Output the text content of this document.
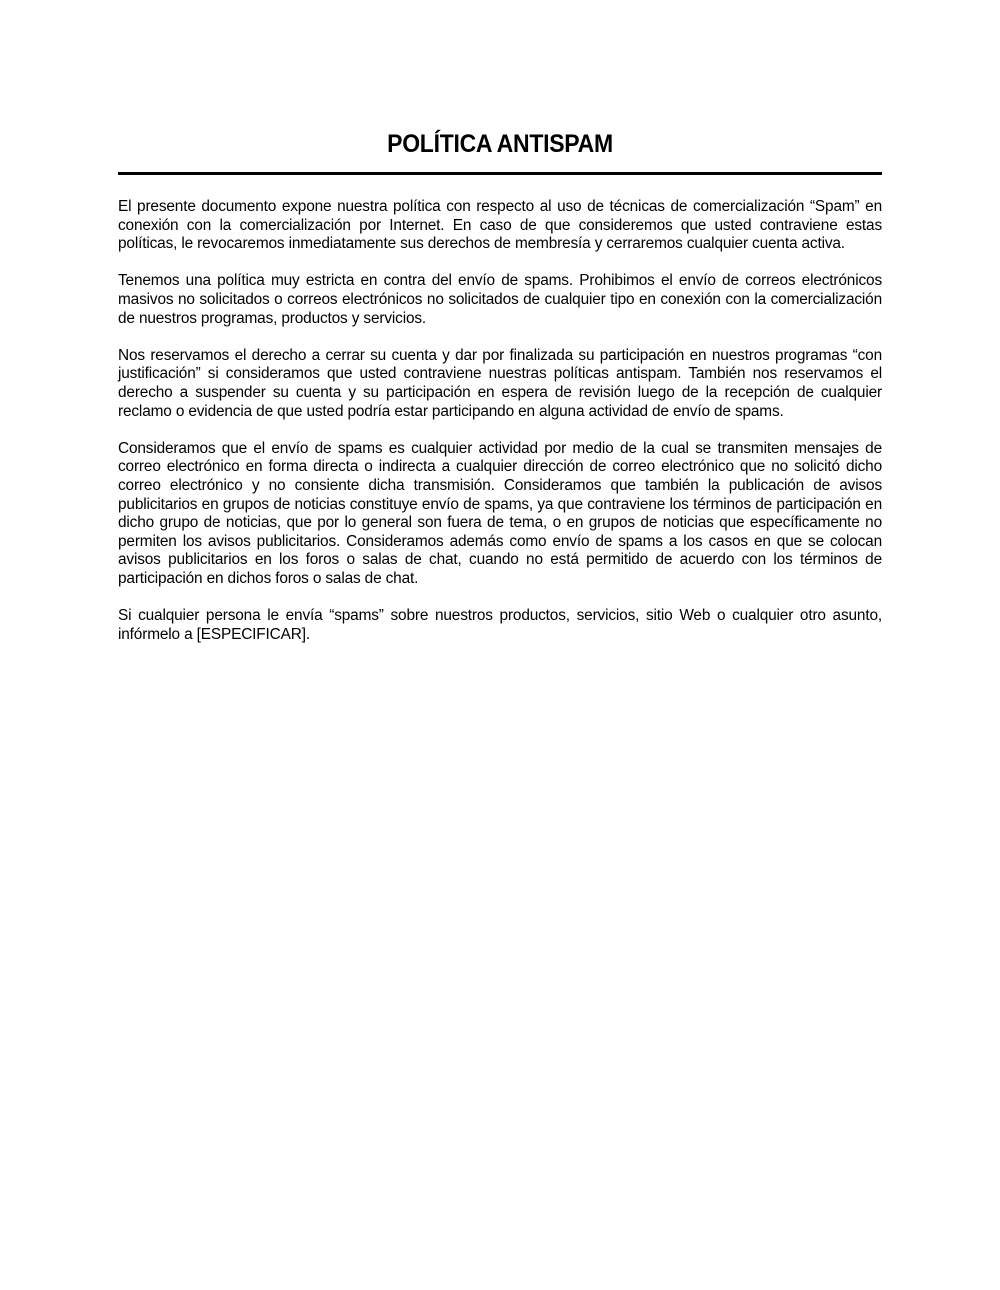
POLÍTICA ANTISPAM

El presente documento expone nuestra política con respecto al uso de técnicas de comercialización “Spam” en conexión con la comercialización por Internet. En caso de que consideremos que usted contraviene estas políticas, le revocaremos inmediatamente sus derechos de membresía y cerraremos cualquier cuenta activa.

Tenemos una política muy estricta en contra del envío de spams. Prohibimos el envío de correos electrónicos masivos no solicitados o correos electrónicos no solicitados de cualquier tipo en conexión con la comercialización de nuestros programas, productos y servicios.

Nos reservamos el derecho a cerrar su cuenta y dar por finalizada su participación en nuestros programas “con justificación” si consideramos que usted contraviene nuestras políticas antispam. También nos reservamos el derecho a suspender su cuenta y su participación en espera de revisión luego de la recepción de cualquier reclamo o evidencia de que usted podría estar participando en alguna actividad de envío de spams.

Consideramos que el envío de spams es cualquier actividad por medio de la cual se transmiten mensajes de correo electrónico en forma directa o indirecta a cualquier dirección de correo electrónico que no solicitó dicho correo electrónico y no consiente dicha transmisión. Consideramos que también la publicación de avisos publicitarios en grupos de noticias constituye envío de spams, ya que contraviene los términos de participación en dicho grupo de noticias, que por lo general son fuera de tema, o en grupos de noticias que específicamente no permiten los avisos publicitarios. Consideramos además como envío de spams a los casos en que se colocan avisos publicitarios en los foros o salas de chat, cuando no está permitido de acuerdo con los términos de participación en dichos foros o salas de chat.

Si cualquier persona le envía “spams” sobre nuestros productos, servicios, sitio Web o cualquier otro asunto, infórmelo a [ESPECIFICAR].
